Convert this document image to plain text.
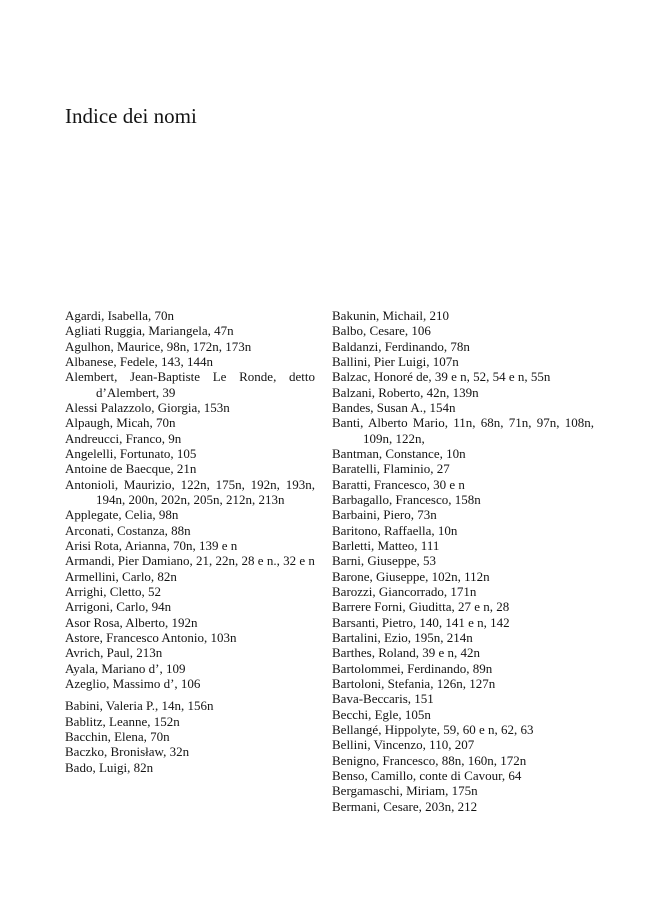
Indice dei nomi
Agardi, Isabella, 70n
Agliati Ruggia, Mariangela, 47n
Agulhon, Maurice, 98n, 172n, 173n
Albanese, Fedele, 143, 144n
Alembert, Jean-Baptiste Le Ronde, detto d’Alembert, 39
Alessi Palazzolo, Giorgia, 153n
Alpaugh, Micah, 70n
Andreucci, Franco, 9n
Angelelli, Fortunato, 105
Antoine de Baecque, 21n
Antonioli, Maurizio, 122n, 175n, 192n, 193n, 194n, 200n, 202n, 205n, 212n, 213n
Applegate, Celia, 98n
Arconati, Costanza, 88n
Arisi Rota, Arianna, 70n, 139 e n
Armandi, Pier Damiano, 21, 22n, 28 e n., 32 e n
Armellini, Carlo, 82n
Arrighi, Cletto, 52
Arrigoni, Carlo, 94n
Asor Rosa, Alberto, 192n
Astore, Francesco Antonio, 103n
Avrich, Paul, 213n
Ayala, Mariano d’, 109
Azeglio, Massimo d’, 106
Babini, Valeria P., 14n, 156n
Bablitz, Leanne, 152n
Bacchin, Elena, 70n
Baczko, Bronisław, 32n
Bado, Luigi, 82n
Bakunin, Michail, 210
Balbo, Cesare, 106
Baldanzi, Ferdinando, 78n
Ballini, Pier Luigi, 107n
Balzac, Honoré de, 39 e n, 52, 54 e n, 55n
Balzani, Roberto, 42n, 139n
Bandes, Susan A., 154n
Banti, Alberto Mario, 11n, 68n, 71n, 97n, 108n, 109n, 122n,
Bantman, Constance, 10n
Baratelli, Flaminio, 27
Baratti, Francesco, 30 e n
Barbagallo, Francesco, 158n
Barbaini, Piero, 73n
Baritono, Raffaella, 10n
Barletti, Matteo, 111
Barni, Giuseppe, 53
Barone, Giuseppe, 102n, 112n
Barozzi, Giancorrado, 171n
Barrere Forni, Giuditta, 27 e n, 28
Barsanti, Pietro, 140, 141 e n, 142
Bartalini, Ezio, 195n, 214n
Barthes, Roland, 39 e n, 42n
Bartolommei, Ferdinando, 89n
Bartoloni, Stefania, 126n, 127n
Bava-Beccaris, 151
Becchi, Egle, 105n
Bellangé, Hippolyte, 59, 60 e n, 62, 63
Bellini, Vincenzo, 110, 207
Benigno, Francesco, 88n, 160n, 172n
Benso, Camillo, conte di Cavour, 64
Bergamaschi, Miriam, 175n
Bermani, Cesare, 203n, 212
